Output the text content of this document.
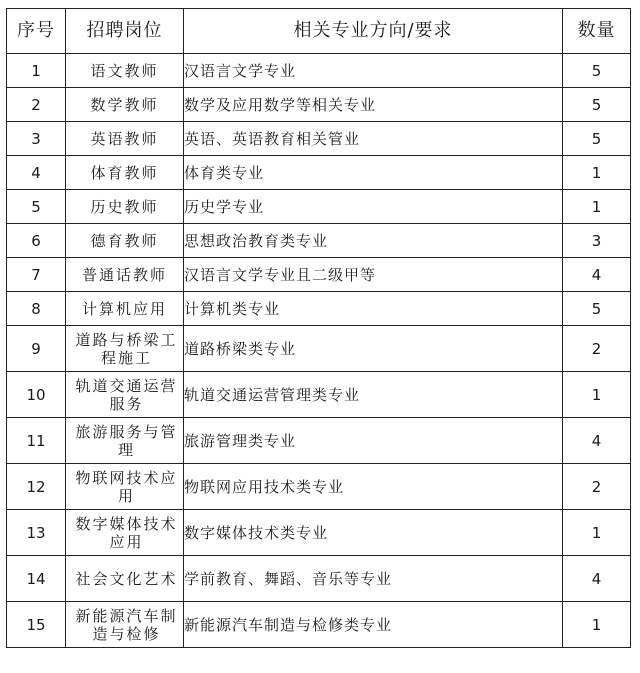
序号	招聘岗位	相关专业方向/要求	数量
1	语文教师	汉语言文学专业	5
2	数学教师	数学及应用数学等相关专业	5
3	英语教师	英语、英语教育相关管业	5
4	体育教师	体育类专业	1
5	历史教师	历史学专业	1
6	德育教师	思想政治教育类专业	3
7	普通话教师	汉语言文学专业且二级甲等	4
8	计算机应用	计算机类专业	5
9	道路与桥梁工程施工	道路桥梁类专业	2
10	轨道交通运营服务	轨道交通运营管理类专业	1
11	旅游服务与管理	旅游管理类专业	4
12	物联网技术应用	物联网应用技术类专业	2
13	数字媒体技术应用	数字媒体技术类专业	1
14	社会文化艺术	学前教育、舞蹈、音乐等专业	4
15	新能源汽车制造与检修	新能源汽车制造与检修类专业	1
